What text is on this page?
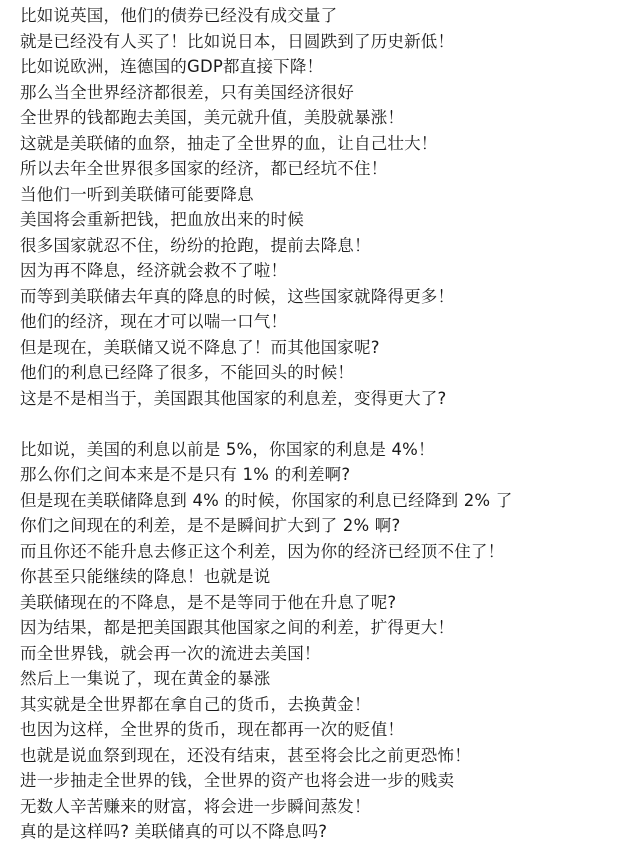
比如说英国，他们的债券已经没有成交量了
就是已经没有人买了！比如说日本，日圆跌到了历史新低！
比如说欧洲，连德国的GDP都直接下降！
那么当全世界经济都很差，只有美国经济很好
全世界的钱都跑去美国，美元就升值，美股就暴涨！
这就是美联储的血祭，抽走了全世界的血，让自己壮大！
所以去年全世界很多国家的经济，都已经坑不住！
当他们一听到美联储可能要降息
美国将会重新把钱，把血放出来的时候
很多国家就忍不住，纷纷的抢跑，提前去降息！
因为再不降息，经济就会救不了啦！
而等到美联储去年真的降息的时候，这些国家就降得更多！
他们的经济，现在才可以喘一口气！
但是现在，美联储又说不降息了！而其他国家呢?
他们的利息已经降了很多，不能回头的时候！
这是不是相当于，美国跟其他国家的利息差，变得更大了?
比如说，美国的利息以前是 5%，你国家的利息是 4%！
那么你们之间本来是不是只有 1% 的利差啊?
但是现在美联储降息到 4% 的时候，你国家的利息已经降到 2% 了
你们之间现在的利差，是不是瞬间扩大到了 2% 啊?
而且你还不能升息去修正这个利差，因为你的经济已经顶不住了！
你甚至只能继续的降息！也就是说
美联储现在的不降息，是不是等同于他在升息了呢?
因为结果，都是把美国跟其他国家之间的利差，扩得更大！
而全世界钱，就会再一次的流进去美国！
然后上一集说了，现在黄金的暴涨
其实就是全世界都在拿自己的货币，去换黄金！
也因为这样，全世界的货币，现在都再一次的贬值！
也就是说血祭到现在，还没有结束，甚至将会比之前更恐怖！
进一步抽走全世界的钱，全世界的资产也将会进一步的贱卖
无数人辛苦赚来的财富，将会进一步瞬间蒸发！
真的是这样吗? 美联储真的可以不降息吗?
